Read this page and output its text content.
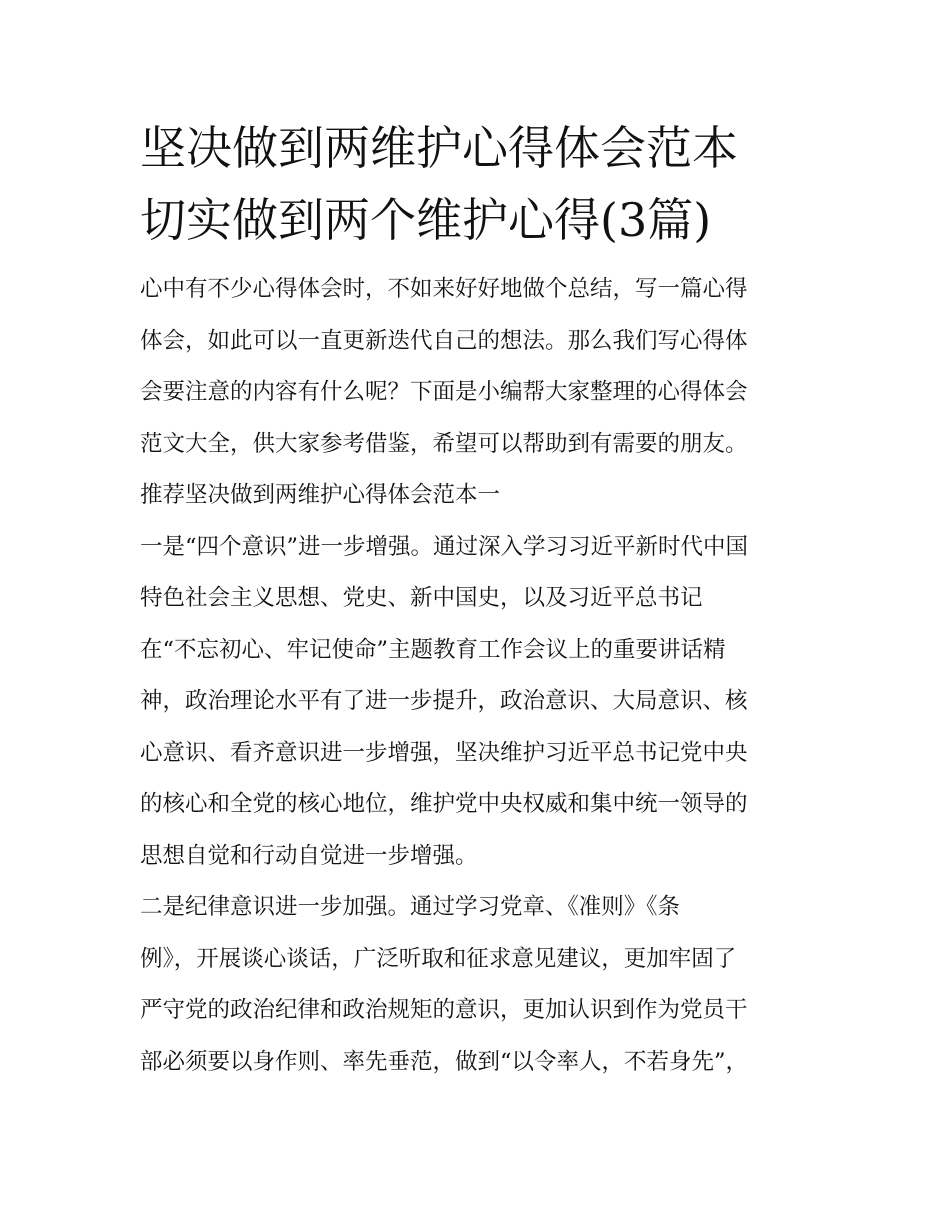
坚决做到两维护心得体会范本
切实做到两个维护心得(3篇)

心中有不少心得体会时，不如来好好地做个总结，写一篇心得
体会，如此可以一直更新迭代自己的想法。那么我们写心得体
会要注意的内容有什么呢？下面是小编帮大家整理的心得体会
范文大全，供大家参考借鉴，希望可以帮助到有需要的朋友。

推荐坚决做到两维护心得体会范本一

一是“四个意识”进一步增强。通过深入学习习近平新时代中国
特色社会主义思想、党史、新中国史，以及习近平总书记
在“不忘初心、牢记使命”主题教育工作会议上的重要讲话精
神，政治理论水平有了进一步提升，政治意识、大局意识、核
心意识、看齐意识进一步增强，坚决维护习近平总书记党中央
的核心和全党的核心地位，维护党中央权威和集中统一领导的
思想自觉和行动自觉进一步增强。

二是纪律意识进一步加强。通过学习党章、《准则》《条
例》，开展谈心谈话，广泛听取和征求意见建议，更加牢固了
严守党的政治纪律和政治规矩的意识，更加认识到作为党员干
部必须要以身作则、率先垂范，做到“以令率人，不若身先”，
